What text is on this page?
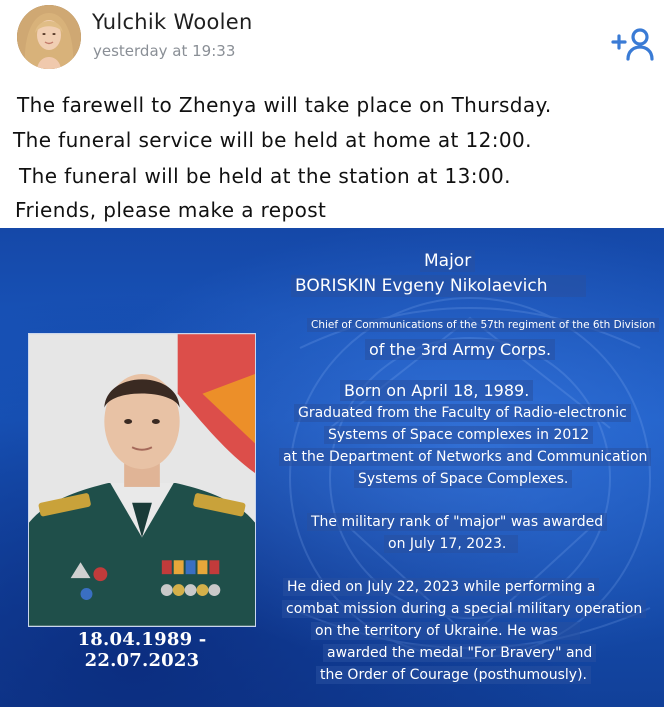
Yulchik Woolen
yesterday at 19:33
The farewell to Zhenya will take place on Thursday.
The funeral service will be held at home at 12:00.
The funeral will be held at the station at 13:00.
Friends, please make a repost
18.04.1989 - 22.07.2023
Major
BORISKIN Evgeny Nikolaevich
Chief of Communications of the 57th regiment of the 6th Division
of the 3rd Army Corps.
Born on April 18, 1989.
Graduated from the Faculty of Radio-electronic
Systems of Space complexes in 2012
at the Department of Networks and Communication
Systems of Space Complexes.
The military rank of "major" was awarded
on July 17, 2023.
He died on July 22, 2023 while performing a
combat mission during a special military operation
on the territory of Ukraine. He was
awarded the medal "For Bravery" and
the Order of Courage (posthumously).
